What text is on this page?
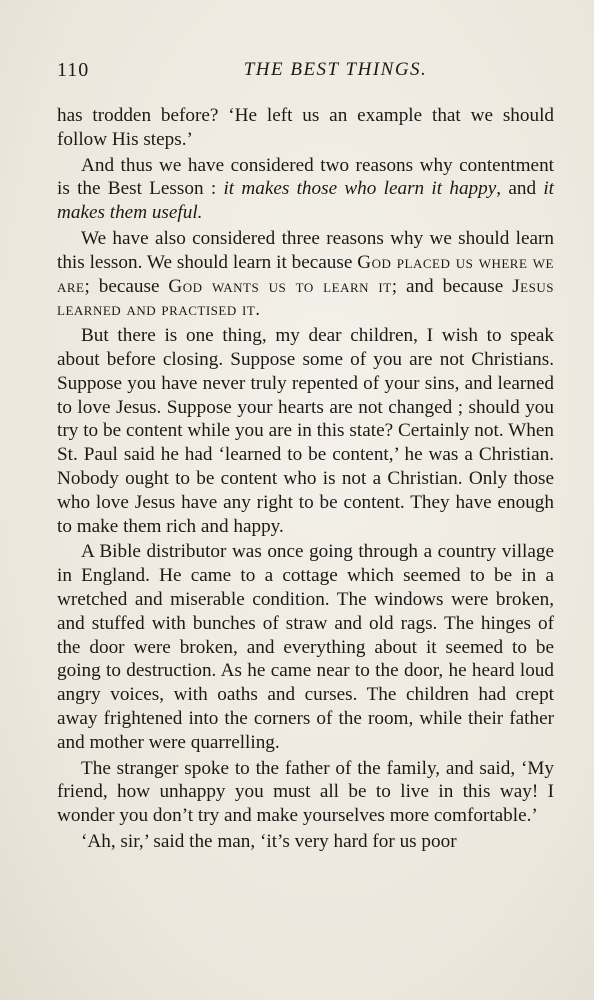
110	THE BEST THINGS.

has trodden before? ‘He left us an example that we should follow His steps.’

And thus we have considered two reasons why contentment is the Best Lesson : it makes those who learn it happy, and it makes them useful.

We have also considered three reasons why we should learn this lesson. We should learn it because God placed us where we are; because God wants us to learn it; and because Jesus learned and practised it.

But there is one thing, my dear children, I wish to speak about before closing. Suppose some of you are not Christians. Suppose you have never truly repented of your sins, and learned to love Jesus. Suppose your hearts are not changed ; should you try to be content while you are in this state? Certainly not. When St. Paul said he had ‘learned to be content,’ he was a Christian. Nobody ought to be content who is not a Christian. Only those who love Jesus have any right to be content. They have enough to make them rich and happy.

A Bible distributor was once going through a country village in England. He came to a cottage which seemed to be in a wretched and miserable condition. The windows were broken, and stuffed with bunches of straw and old rags. The hinges of the door were broken, and everything about it seemed to be going to destruction. As he came near to the door, he heard loud angry voices, with oaths and curses. The children had crept away frightened into the corners of the room, while their father and mother were quarrelling.

The stranger spoke to the father of the family, and said, ‘My friend, how unhappy you must all be to live in this way! I wonder you don’t try and make yourselves more comfortable.’

‘Ah, sir,’ said the man, ‘it’s very hard for us poor
